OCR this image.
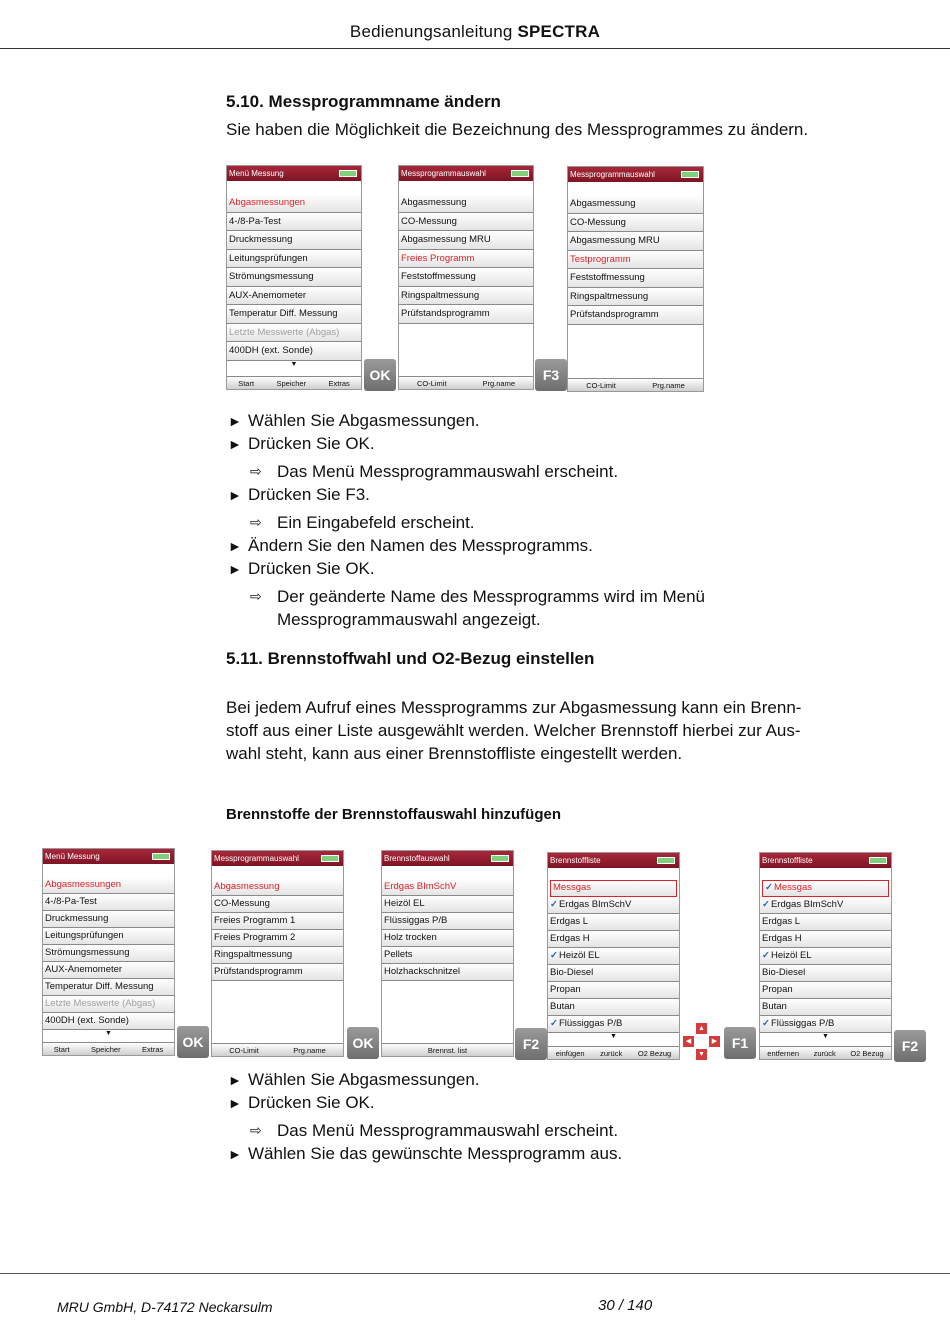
Bedienungsanleitung SPECTRA
5.10. Messprogrammname ändern
Sie haben die Möglichkeit die Bezeichnung des Messprogrammes zu ändern.
Menü Messung
Abgasmessungen
4-/8-Pa-Test
Druckmessung
Leitungsprüfungen
Strömungsmessung
AUX-Anemometer
Temperatur Diff. Messung
Letzte Messwerte (Abgas)
400DH (ext. Sonde)
▼
Start	Speicher	Extras	OK
Messprogrammauswahl
Abgasmessung
CO-Messung
Abgasmessung MRU
Freies Programm
Feststoffmessung
Ringspaltmessung
Prüfstandsprogramm
CO-Limit	Prg.name	F3
Messprogrammauswahl
Abgasmessung
CO-Messung
Abgasmessung MRU
Testprogramm
Feststoffmessung
Ringspaltmessung
Prüfstandsprogramm
CO-Limit	Prg.name
► Wählen Sie Abgasmessungen.
► Drücken Sie OK.
⇨ Das Menü Messprogrammauswahl erscheint.
► Drücken Sie F3.
⇨ Ein Eingabefeld erscheint.
► Ändern Sie den Namen des Messprogramms.
► Drücken Sie OK.
⇨ Der geänderte Name des Messprogramms wird im Menü
Messprogrammauswahl angezeigt.
5.11. Brennstoffwahl und O2-Bezug einstellen
Bei jedem Aufruf eines Messprogramms zur Abgasmessung kann ein Brenn-
stoff aus einer Liste ausgewählt werden. Welcher Brennstoff hierbei zur Aus-
wahl steht, kann aus einer Brennstoffliste eingestellt werden.
Brennstoffe der Brennstoffauswahl hinzufügen
Menü Messung
Abgasmessungen
4-/8-Pa-Test
Druckmessung
Leitungsprüfungen
Strömungsmessung
AUX-Anemometer
Temperatur Diff. Messung
Letzte Messwerte (Abgas)
400DH (ext. Sonde)
▼
Start	Speicher	Extras	OK
Messprogrammauswahl
Abgasmessung
CO-Messung
Freies Programm 1
Freies Programm 2
Ringspaltmessung
Prüfstandsprogramm
CO-Limit	Prg.name	OK
Brennstoffauswahl
Erdgas BImSchV
Heizöl EL
Flüssiggas P/B
Holz trocken
Pellets
Holzhackschnitzel
Brennst. list	F2
Brennstoffliste
Messgas
✓Erdgas BImSchV
Erdgas L
Erdgas H
✓Heizöl EL
Bio-Diesel
Propan
Butan
✓Flüssiggas P/B
▼
einfügen zurück O2 Bezug
▲
◀	▶
▼
F1
Brennstoffliste
✓Messgas
✓Erdgas BImSchV
Erdgas L
Erdgas H
✓Heizöl EL
Bio-Diesel
Propan
Butan
✓Flüssiggas P/B
▼
entfernen zurück O2 Bezug	F2
► Wählen Sie Abgasmessungen.
► Drücken Sie OK.
⇨ Das Menü Messprogrammauswahl erscheint.
► Wählen Sie das gewünschte Messprogramm aus.
MRU GmbH, D-74172 Neckarsulm	30 / 140
